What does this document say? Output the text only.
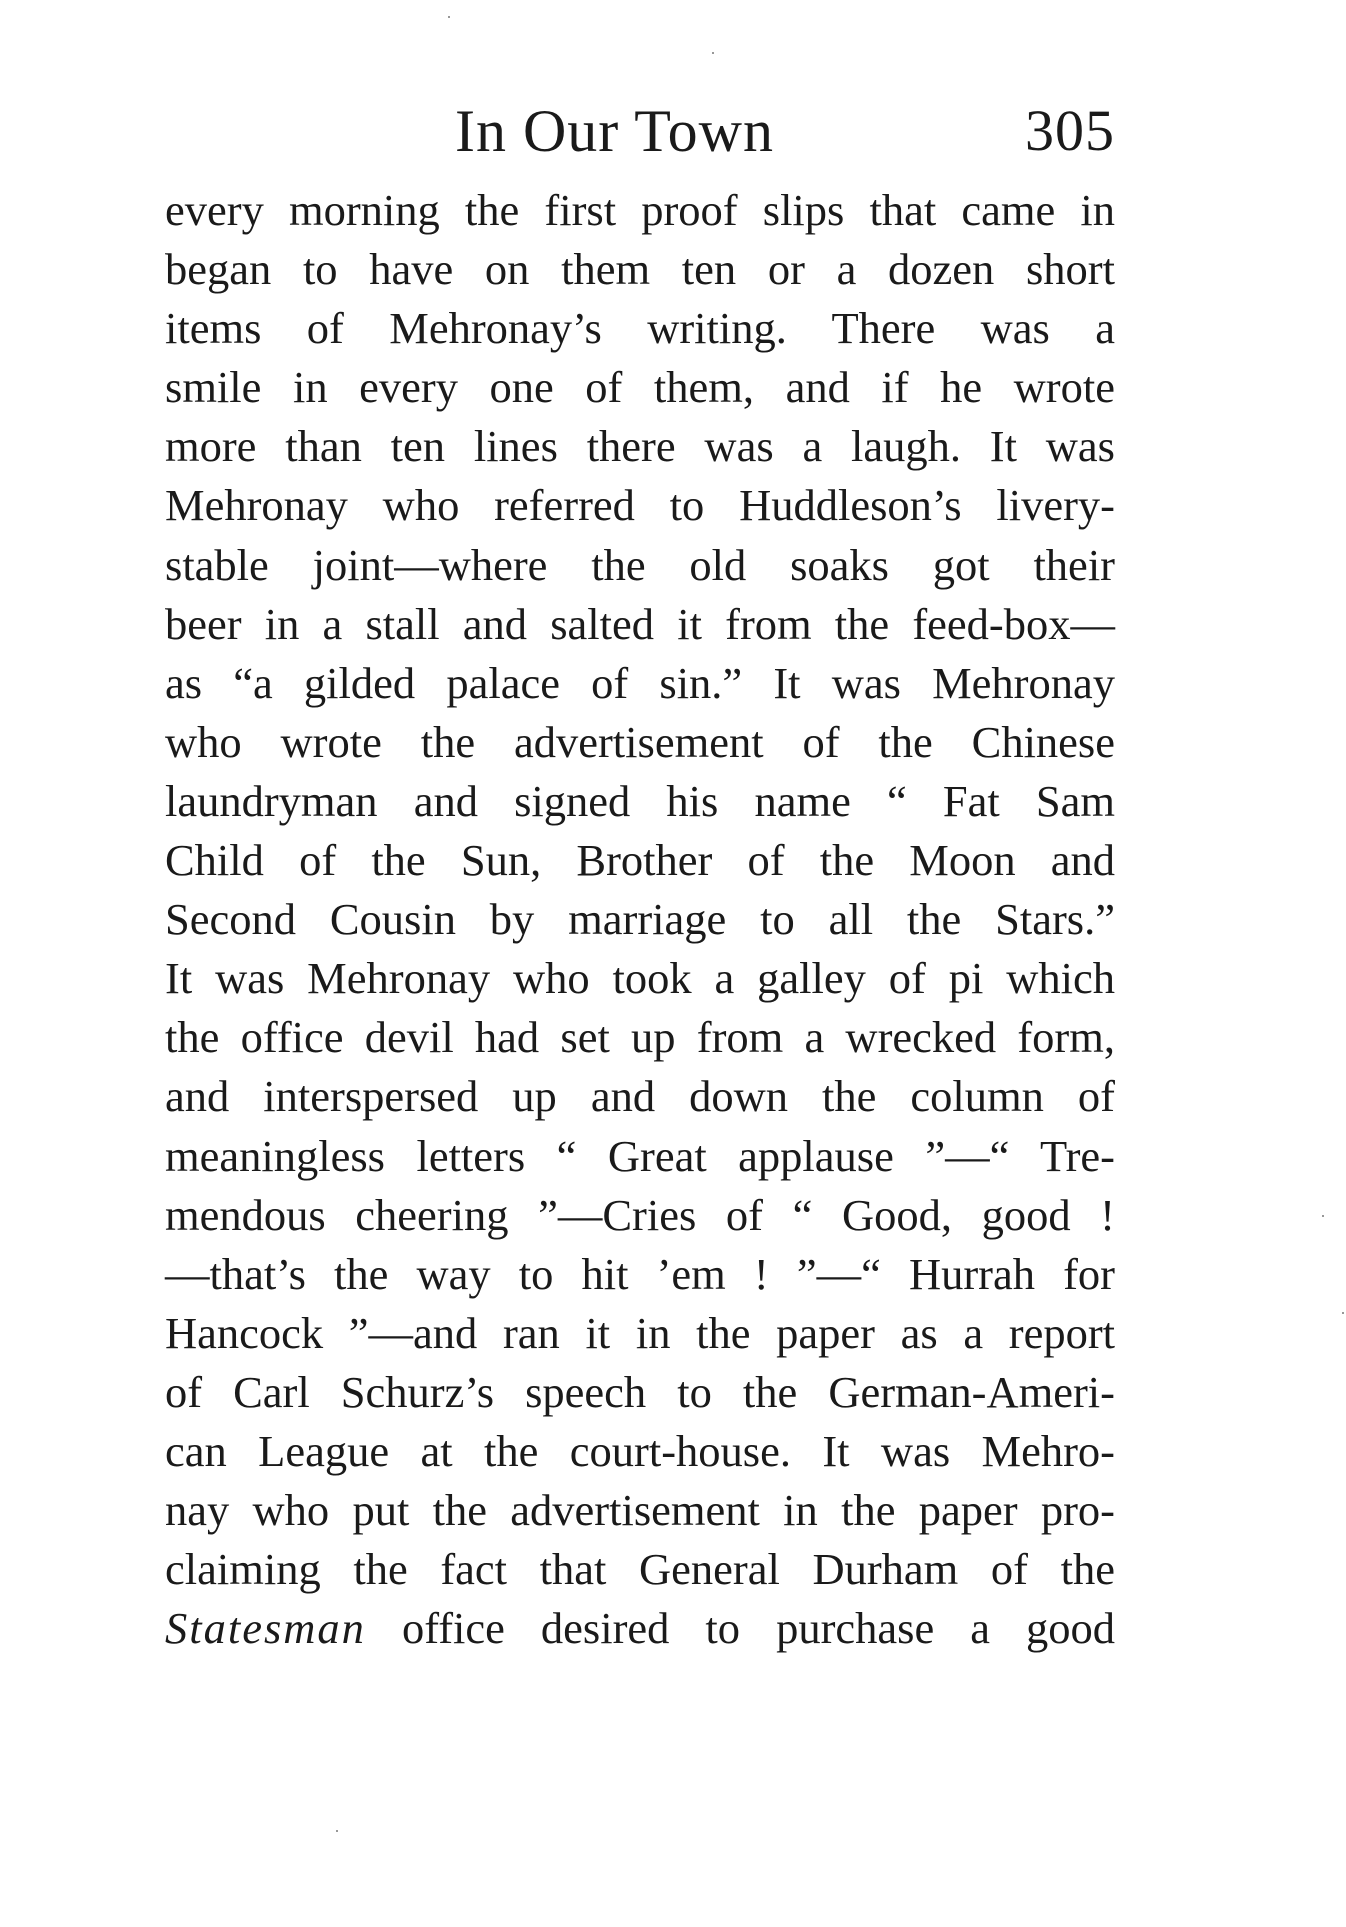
In Our Town	305
every morning the first proof slips that came in
began to have on them ten or a dozen short
items of Mehronay’s writing. There was a
smile in every one of them, and if he wrote
more than ten lines there was a laugh. It was
Mehronay who referred to Huddleson’s livery-
stable joint—where the old soaks got their
beer in a stall and salted it from the feed-box—
as “a gilded palace of sin.” It was Mehronay
who wrote the advertisement of the Chinese
laundryman and signed his name “ Fat Sam
Child of the Sun, Brother of the Moon and
Second Cousin by marriage to all the Stars.”
It was Mehronay who took a galley of pi which
the office devil had set up from a wrecked form,
and interspersed up and down the column of
meaningless letters “ Great applause ”—“ Tre-
mendous cheering ”—Cries of “ Good, good !
—that’s the way to hit ’em ! ”—“ Hurrah for
Hancock ”—and ran it in the paper as a report
of Carl Schurz’s speech to the German-Ameri-
can League at the court-house. It was Mehro-
nay who put the advertisement in the paper pro-
claiming the fact that General Durham of the
Statesman office desired to purchase a good
